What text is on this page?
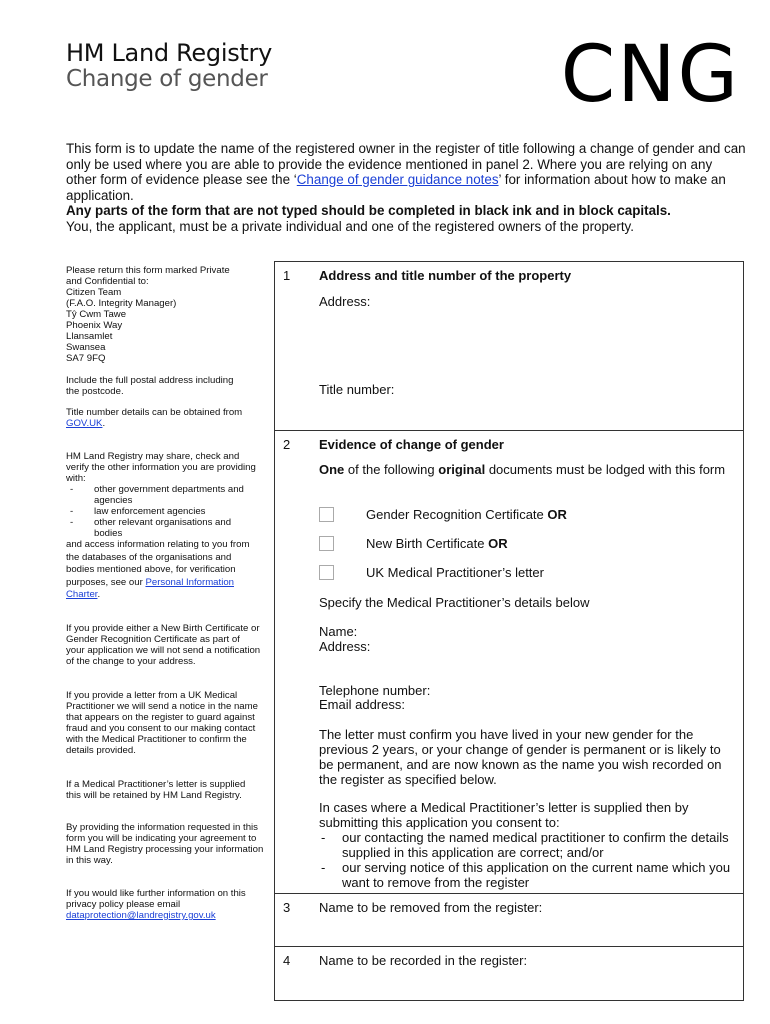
HM Land Registry
Change of gender	CNG

This form is to update the name of the registered owner in the register of title following a change of gender and can only be used where you are able to provide the evidence mentioned in panel 2. Where you are relying on any other form of evidence please see the ‘Change of gender guidance notes’ for information about how to make an application.

Any parts of the form that are not typed should be completed in black ink and in block capitals.

You, the applicant, must be a private individual and one of the registered owners of the property.

Please return this form marked Private

and Confidential to:

Citizen Team

(F.A.O. Integrity Manager)

Tŷ Cwm Tawe

Phoenix Way

Llansamlet

Swansea

SA7 9FQ

Include the full postal address including the postcode.
Title number details can be obtained from GOV.UK.

HM Land Registry may share, check and verify the other information you are providing with:

- other government departments and agencies
- law enforcement agencies
- other relevant organisations and bodies

and access information relating to you from the databases of the organisations and bodies mentioned above, for verification purposes, see our Personal Information Charter.

If you provide either a New Birth Certificate or Gender Recognition Certificate as part of your application we will not send a notification of the change to your address.
If you provide a letter from a UK Medical Practitioner we will send a notice in the name that appears on the register to guard against fraud and you consent to our making contact with the Medical Practitioner to confirm the details provided.
If a Medical Practitioner’s letter is supplied this will be retained by HM Land Registry.
By providing the information requested in this form you will be indicating your agreement to HM Land Registry processing your information in this way.

If you would like further information on this privacy policy please email

dataprotection@landregistry.gov.uk
1 Address and title number of the property
Address:
Title number:
2 Evidence of change of gender
One of the following original documents must be lodged with this form
Gender Recognition Certificate OR
New Birth Certificate OR
UK Medical Practitioner’s letter
Specify the Medical Practitioner’s details below
Name:
Address:
Telephone number:
Email address:
The letter must confirm you have lived in your new gender for the previous 2 years, or your change of gender is permanent or is likely to be permanent, and are now known as the name you wish recorded on the register as specified below.
In cases where a Medical Practitioner’s letter is supplied then by submitting this application you consent to:
- our contacting the named medical practitioner to confirm the details supplied in this application are correct; and/or
- our serving notice of this application on the current name which you want to remove from the register
3 Name to be removed from the register:
4 Name to be recorded in the register:
